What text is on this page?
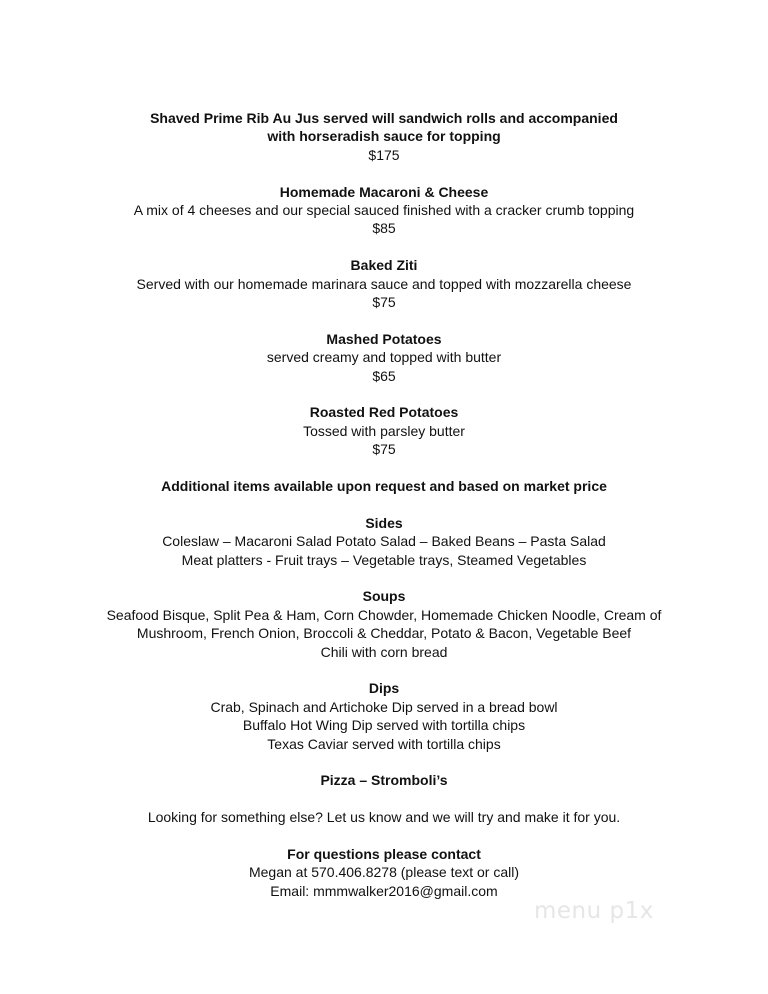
Shaved Prime Rib Au Jus served will sandwich rolls and accompanied
with horseradish sauce for topping
$175
Homemade Macaroni & Cheese
A mix of 4 cheeses and our special sauced finished with a cracker crumb topping
$85
Baked Ziti
Served with our homemade marinara sauce and topped with mozzarella cheese
$75
Mashed Potatoes
served creamy and topped with butter
$65
Roasted Red Potatoes
Tossed with parsley butter
$75
Additional items available upon request and based on market price
Sides
Coleslaw – Macaroni Salad Potato Salad – Baked Beans – Pasta Salad
Meat platters - Fruit trays – Vegetable trays, Steamed Vegetables
Soups
Seafood Bisque, Split Pea & Ham, Corn Chowder, Homemade Chicken Noodle, Cream of
Mushroom, French Onion, Broccoli & Cheddar, Potato & Bacon, Vegetable Beef
Chili with corn bread
Dips
Crab, Spinach and Artichoke Dip served in a bread bowl
Buffalo Hot Wing Dip served with tortilla chips
Texas Caviar served with tortilla chips
Pizza – Stromboli’s
Looking for something else? Let us know and we will try and make it for you.
For questions please contact
Megan at 570.406.8278 (please text or call)
Email: mmmwalker2016@gmail.com
menu p1x
